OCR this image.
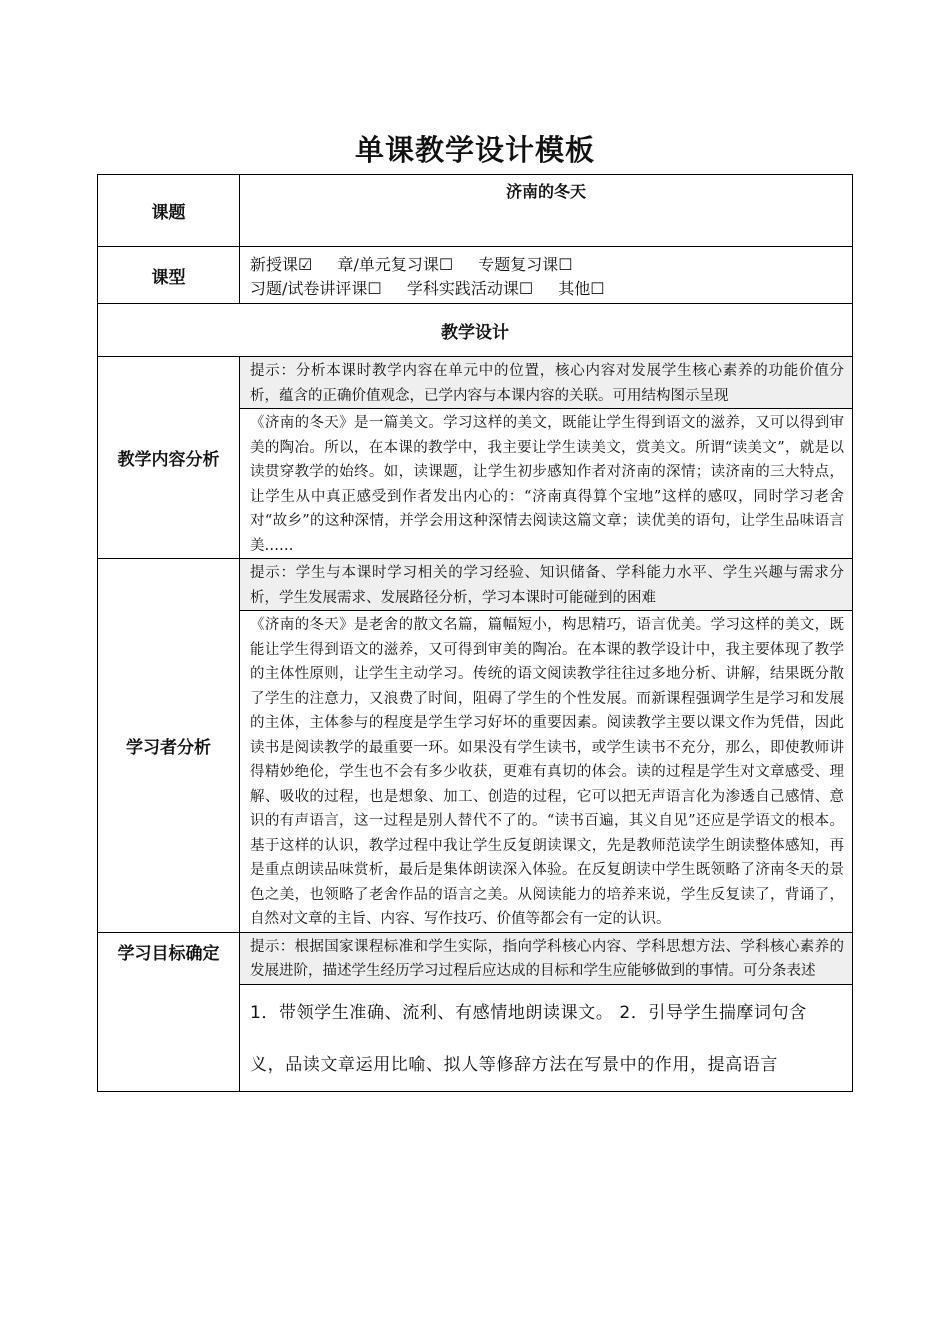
单课教学设计模板
课题	济南的冬天
课型	新授课☑ 章/单元复习课☐ 专题复习课☐
习题/试卷讲评课☐ 学科实践活动课☐ 其他☐

教学设计	
教学内容分析	提示：分析本课时教学内容在单元中的位置，核心内容对发展学生核心素养的功能价值分析，蕴含的正确价值观念，已学内容与本课内容的关联。可用结构图示呈现
《济南的冬天》是一篇美文。学习这样的美文，既能让学生得到语文的滋养，又可以得到审美的陶冶。所以，在本课的教学中，我主要让学生读美文，赏美文。所谓“读美文”，就是以读贯穿教学的始终。如，读课题，让学生初步感知作者对济南的深情；读济南的三大特点，让学生从中真正感受到作者发出内心的：“济南真得算个宝地”这样的感叹，同时学习老舍对“故乡”的这种深情，并学会用这种深情去阅读这篇文章；读优美的语句，让学生品味语言美……

学习者分析	提示：学生与本课时学习相关的学习经验、知识储备、学科能力水平、学生兴趣与需求分析，学生发展需求、发展路径分析，学习本课时可能碰到的困难
《济南的冬天》是老舍的散文名篇，篇幅短小，构思精巧，语言优美。学习这样的美文，既能让学生得到语文的滋养，又可得到审美的陶冶。在本课的教学设计中，我主要体现了教学的主体性原则，让学生主动学习。传统的语文阅读教学往往过多地分析、讲解，结果既分散了学生的注意力，又浪费了时间，阻碍了学生的个性发展。而新课程强调学生是学习和发展的主体，主体参与的程度是学生学习好坏的重要因素。阅读教学主要以课文作为凭借，因此读书是阅读教学的最重要一环。如果没有学生读书，或学生读书不充分，那么，即使教师讲得精妙绝伦，学生也不会有多少收获，更难有真切的体会。读的过程是学生对文章感受、理解、吸收的过程，也是想象、加工、创造的过程，它可以把无声语言化为渗透自己感情、意识的有声语言，这一过程是别人替代不了的。“读书百遍，其义自见”还应是学语文的根本。基于这样的认识，教学过程中我让学生反复朗读课文，先是教师范读学生朗读整体感知，再是重点朗读品味赏析，最后是集体朗读深入体验。在反复朗读中学生既领略了济南冬天的景色之美，也领略了老舍作品的语言之美。从阅读能力的培养来说，学生反复读了，背诵了，自然对文章的主旨、内容、写作技巧、价值等都会有一定的认识。

学习目标确定	提示：根据国家课程标准和学生实际，指向学科核心内容、学科思想方法、学科核心素养的发展进阶，描述学生经历学习过程后应达成的目标和学生应能够做到的事情。可分条表述
1．带领学生准确、流利、有感情地朗读课文。 2．引导学生揣摩词句含义，品读文章运用比喻、拟人等修辞方法在写景中的作用，提高语言
